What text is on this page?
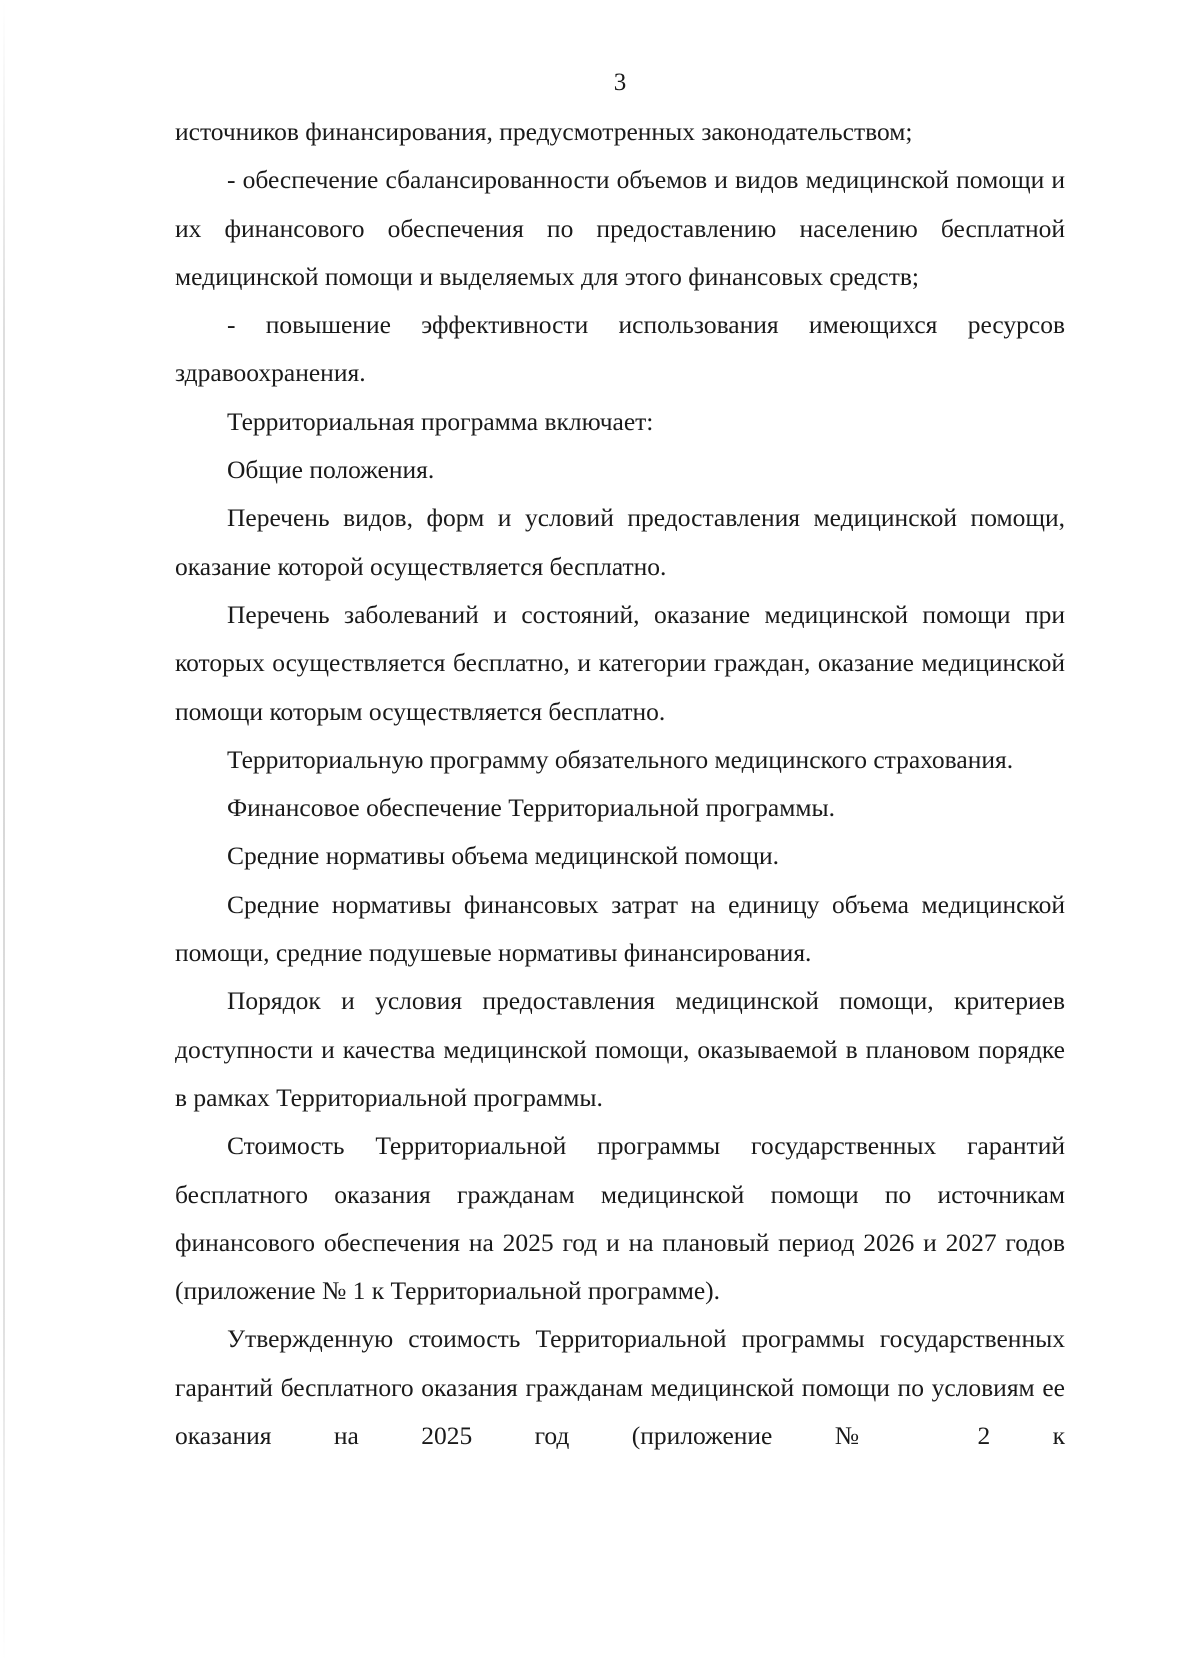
3

источников финансирования, предусмотренных законодательством;

- обеспечение сбалансированности объемов и видов медицинской помощи и их финансового обеспечения по предоставлению населению бесплатной медицинской помощи и выделяемых для этого финансовых средств;

- повышение эффективности использования имеющихся ресурсов здравоохранения.

Территориальная программа включает:

Общие положения.

Перечень видов, форм и условий предоставления медицинской помощи, оказание которой осуществляется бесплатно.

Перечень заболеваний и состояний, оказание медицинской помощи при которых осуществляется бесплатно, и категории граждан, оказание медицинской помощи которым осуществляется бесплатно.

Территориальную программу обязательного медицинского страхования.

Финансовое обеспечение Территориальной программы.

Средние нормативы объема медицинской помощи.

Средние нормативы финансовых затрат на единицу объема медицинской помощи, средние подушевые нормативы финансирования.

Порядок и условия предоставления медицинской помощи, критериев доступности и качества медицинской помощи, оказываемой в плановом порядке в рамках Территориальной программы.

Стоимость Территориальной программы государственных гарантий бесплатного оказания гражданам медицинской помощи по источникам финансового обеспечения на 2025 год и на плановый период 2026 и 2027 годов (приложение № 1 к Территориальной программе).

Утвержденную стоимость Территориальной программы государственных гарантий бесплатного оказания гражданам медицинской помощи по условиям ее оказания на 2025 год (приложение № 2 к
